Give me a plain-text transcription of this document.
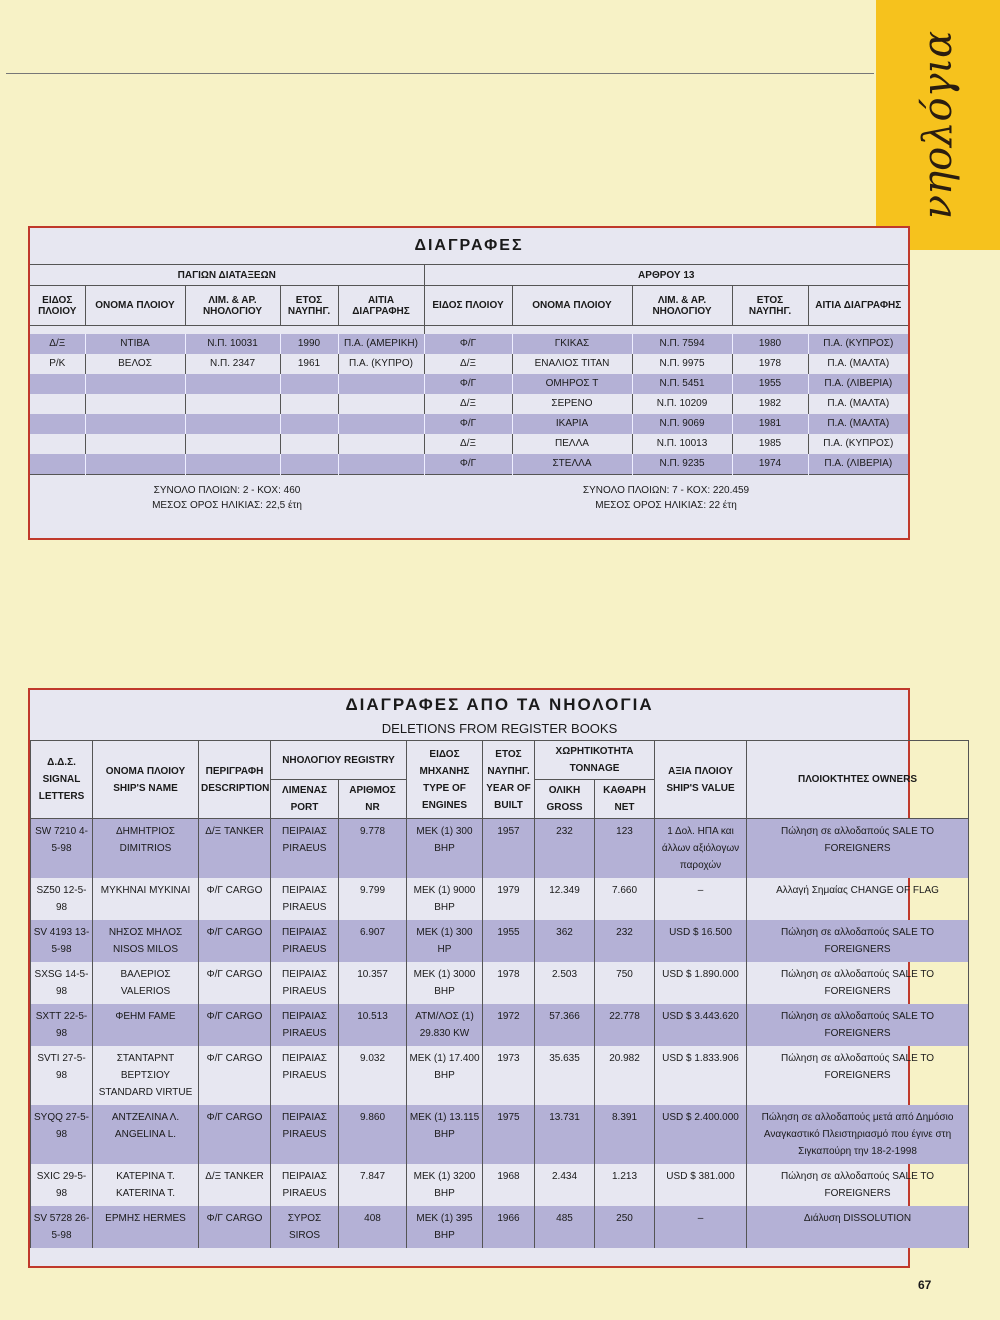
νηολόγια
ΔΙΑΓΡΑΦΕΣ									
ΠΑΓΙΩΝ ΔΙΑΤΑΞΕΩΝ					ΑΡΘΡΟΥ 13				
ΕΙΔΟΣ ΠΛΟΙΟΥ	ΟΝΟΜΑ ΠΛΟΙΟΥ	ΛΙΜ. & ΑΡ. ΝΗΟΛΟΓΙΟΥ	ΕΤΟΣ ΝΑΥΠΗΓ.	ΑΙΤΙΑ ΔΙΑΓΡΑΦΗΣ	ΕΙΔΟΣ ΠΛΟΙΟΥ	ΟΝΟΜΑ ΠΛΟΙΟΥ	ΛΙΜ. & ΑΡ. ΝΗΟΛΟΓΙΟΥ	ΕΤΟΣ ΝΑΥΠΗΓ.	ΑΙΤΙΑ ΔΙΑΓΡΑΦΗΣ

Δ/Ξ	ΝΤΙΒΑ	Ν.Π. 10031	1990	Π.Α. (ΑΜΕΡΙΚΗ)	Φ/Γ	ΓΚΙΚΑΣ	Ν.Π. 7594	1980	Π.Α. (ΚΥΠΡΟΣ)
Ρ/Κ	ΒΕΛΟΣ	Ν.Π. 2347	1961	Π.Α. (ΚΥΠΡΟ)	Δ/Ξ	ΕΝΑΛΙΟΣ ΤΙΤΑΝ	Ν.Π. 9975	1978	Π.Α. (ΜΑΛΤΑ)
					Φ/Γ	ΟΜΗΡΟΣ Τ	Ν.Π. 5451	1955	Π.Α. (ΛΙΒΕΡΙΑ)
					Δ/Ξ	ΣΕΡΕΝΟ	Ν.Π. 10209	1982	Π.Α. (ΜΑΛΤΑ)
					Φ/Γ	ΙΚΑΡΙΑ	Ν.Π. 9069	1981	Π.Α. (ΜΑΛΤΑ)
					Δ/Ξ	ΠΕΛΛΑ	Ν.Π. 10013	1985	Π.Α. (ΚΥΠΡΟΣ)
					Φ/Γ	ΣΤΕΛΛΑ	Ν.Π. 9235	1974	Π.Α. (ΛΙΒΕΡΙΑ)
ΣΥΝΟΛΟ ΠΛΟΙΩΝ: 2 - ΚΟΧ: 460					ΣΥΝΟΛΟ ΠΛΟΙΩΝ: 7 - ΚΟΧ: 220.459				
ΜΕΣΟΣ ΟΡΟΣ ΗΛΙΚΙΑΣ: 22,5 έτη					ΜΕΣΟΣ ΟΡΟΣ ΗΛΙΚΙΑΣ: 22 έτη				
ΔΙΑΓΡΑΦΕΣ ΑΠΟ ΤΑ ΝΗΟΛΟΓΙΑ										
DELETIONS FROM REGISTER BOOKS										
Δ.Δ.Σ. SIGNAL LETTERS	ΟΝΟΜΑ ΠΛΟΙΟΥ SHIP'S NAME	ΠΕΡΙΓΡΑΦΗ DESCRIPTION	ΝΗΟΛΟΓΙΟΥ REGISTRY		ΕΙΔΟΣ ΜΗΧΑΝΗΣ TYPE OF ENGINES	ΕΤΟΣ ΝΑΥΠΗΓ. YEAR OF BUILT	ΧΩΡΗΤΙΚΟΤΗΤΑ TONNAGE		ΑΞΙΑ ΠΛΟΙΟΥ SHIP'S VALUE	ΠΛΟΙΟΚΤΗΤΕΣ OWNERS
			ΛΙΜΕΝΑΣ PORT	ΑΡΙΘΜΟΣ NR			ΟΛΙΚΗ GROSS	ΚΑΘΑΡΗ NET		
SW 7210 4-5-98	ΔΗΜΗΤΡΙΟΣ DIMITRIOS	Δ/Ξ TANKER	ΠΕΙΡΑΙΑΣ PIRAEUS	9.778	ΜΕΚ (1) 300 BHP	1957	232	123	1 Δολ. ΗΠΑ και άλλων αξιόλογων παροχών	Πώληση σε αλλοδαπούς SALE TO FOREIGNERS
SZ50 12-5-98	ΜΥΚΗΝΑΙ MYKINAI	Φ/Γ CARGO	ΠΕΙΡΑΙΑΣ PIRAEUS	9.799	ΜΕΚ (1) 9000 BHP	1979	12.349	7.660	–	Αλλαγή Σημαίας CHANGE OF FLAG
SV 4193 13-5-98	ΝΗΣΟΣ ΜΗΛΟΣ NISOS MILOS	Φ/Γ CARGO	ΠΕΙΡΑΙΑΣ PIRAEUS	6.907	ΜΕΚ (1) 300 HP	1955	362	232	USD $ 16.500	Πώληση σε αλλοδαπούς SALE TO FOREIGNERS
SXSG 14-5-98	ΒΑΛΕΡΙΟΣ VALERIOS	Φ/Γ CARGO	ΠΕΙΡΑΙΑΣ PIRAEUS	10.357	ΜΕΚ (1) 3000 BHP	1978	2.503	750	USD $ 1.890.000	Πώληση σε αλλοδαπούς SALE TO FOREIGNERS
SXTT 22-5-98	ΦΕΗΜ FAME	Φ/Γ CARGO	ΠΕΙΡΑΙΑΣ PIRAEUS	10.513	ΑΤΜ/ΛΟΣ (1) 29.830 KW	1972	57.366	22.778	USD $ 3.443.620	Πώληση σε αλλοδαπούς SALE TO FOREIGNERS
SVTI 27-5-98	ΣΤΑΝΤΑΡΝΤ ΒΕΡΤΣΙΟΥ STANDARD VIRTUE	Φ/Γ CARGO	ΠΕΙΡΑΙΑΣ PIRAEUS	9.032	ΜΕΚ (1) 17.400 BHP	1973	35.635	20.982	USD $ 1.833.906	Πώληση σε αλλοδαπούς SALE TO FOREIGNERS
SYQQ 27-5-98	ΑΝΤΖΕΛΙΝΑ Λ. ANGELINA L.	Φ/Γ CARGO	ΠΕΙΡΑΙΑΣ PIRAEUS	9.860	ΜΕΚ (1) 13.115 BHP	1975	13.731	8.391	USD $ 2.400.000	Πώληση σε αλλοδαπούς μετά από Δημόσιο Αναγκαστικό Πλειστηριασμό που έγινε στη Σιγκαπούρη την 18-2-1998
SXIC 29-5-98	ΚΑΤΕΡΙΝΑ Τ. KATERINA T.	Δ/Ξ TANKER	ΠΕΙΡΑΙΑΣ PIRAEUS	7.847	ΜΕΚ (1) 3200 BHP	1968	2.434	1.213	USD $ 381.000	Πώληση σε αλλοδαπούς SALE TO FOREIGNERS
SV 5728 26-5-98	ΕΡΜΗΣ HERMES	Φ/Γ CARGO	ΣΥΡΟΣ SIROS	408	ΜΕΚ (1) 395 BHP	1966	485	250	–	Διάλυση DISSOLUTION
67
